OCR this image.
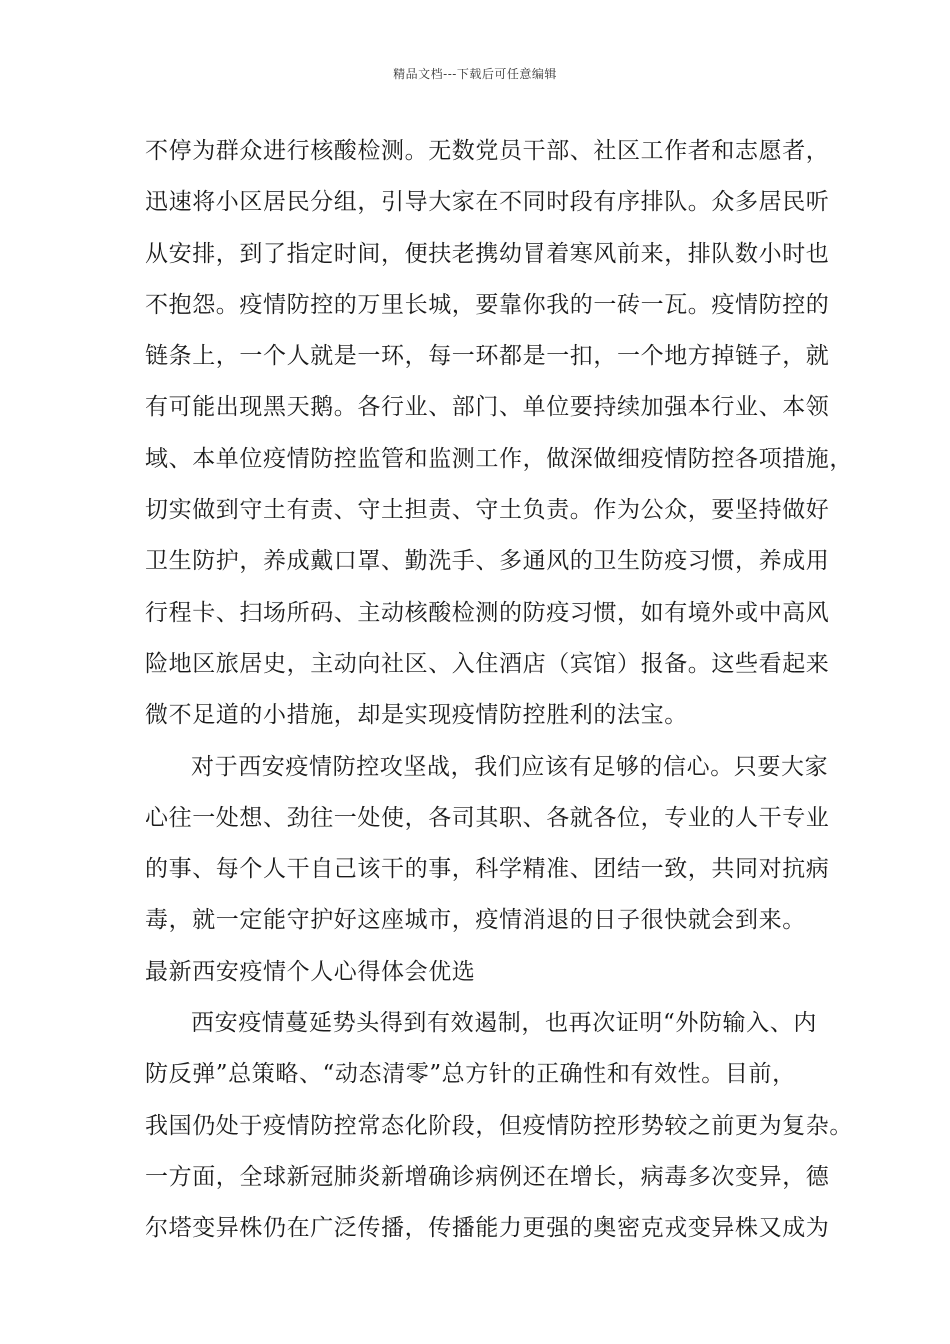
精品文档---下载后可任意编辑
不停为群众进行核酸检测。无数党员干部、社区工作者和志愿者，
迅速将小区居民分组，引导大家在不同时段有序排队。众多居民听
从安排，到了指定时间，便扶老携幼冒着寒风前来，排队数小时也
不抱怨。疫情防控的万里长城，要靠你我的一砖一瓦。疫情防控的
链条上，一个人就是一环，每一环都是一扣，一个地方掉链子，就
有可能出现黑天鹅。各行业、部门、单位要持续加强本行业、本领
域、本单位疫情防控监管和监测工作，做深做细疫情防控各项措施，
切实做到守土有责、守土担责、守土负责。作为公众，要坚持做好
卫生防护，养成戴口罩、勤洗手、多通风的卫生防疫习惯，养成用
行程卡、扫场所码、主动核酸检测的防疫习惯，如有境外或中高风
险地区旅居史，主动向社区、入住酒店（宾馆）报备。这些看起来
微不足道的小措施，却是实现疫情防控胜利的法宝。
对于西安疫情防控攻坚战，我们应该有足够的信心。只要大家
心往一处想、劲往一处使，各司其职、各就各位，专业的人干专业
的事、每个人干自己该干的事，科学精准、团结一致，共同对抗病
毒，就一定能守护好这座城市，疫情消退的日子很快就会到来。
最新西安疫情个人心得体会优选
西安疫情蔓延势头得到有效遏制，也再次证明“外防输入、内
防反弹”总策略、“动态清零”总方针的正确性和有效性。目前，
我国仍处于疫情防控常态化阶段，但疫情防控形势较之前更为复杂。
一方面，全球新冠肺炎新增确诊病例还在增长，病毒多次变异，德
尔塔变异株仍在广泛传播，传播能力更强的奥密克戎变异株又成为
